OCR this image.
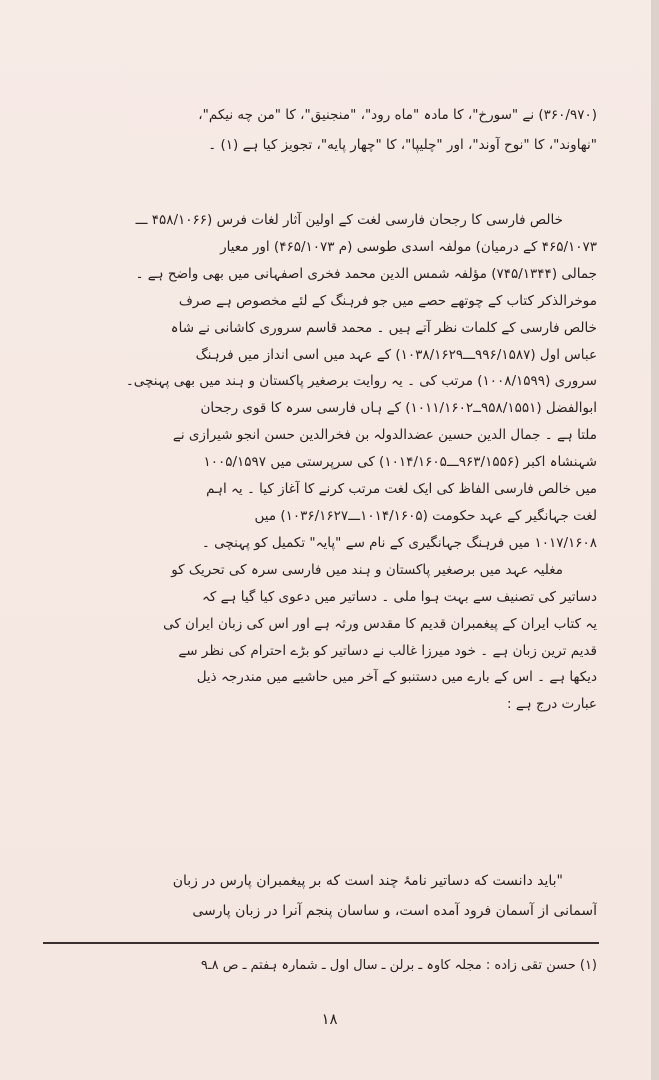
(۳۶۰/۹۷۰) نے "سورخ"، کا مادہ "ماه رود"، "منجنیق"، کا "من چه نیکم"،
"نهاوند"، کا "نوح آوند"، اور "چلیپا"، کا "چهار پایه"، تجویز کیا ہے (۱) ۔
خالص فارسی کا رجحان فارسی لغت کے اولین آثار لغات فرس (۴۵۸/۱۰۶۶ ـــ
۴۶۵/۱۰۷۳ کے درمیان) مولفہ اسدی طوسی (م ۴۶۵/۱۰۷۳) اور معیار
جمالی (۷۴۵/۱۳۴۴) مؤلفہ شمس الدین محمد فخری اصفہانی میں بھی واضح ہے ۔
موخرالذکر کتاب کے چوتھے حصے میں جو فرہنگ کے لئے مخصوص ہے صرف
خالص فارسی کے کلمات نظر آتے ہیں ۔ محمد قاسم سروری کاشانی نے شاہ
عباس اول (۹۹۶/۱۵۸۷ـــ۱۰۳۸/۱۶۲۹) کے عہد میں اسی انداز میں فرہنگ
سروری (۱۰۰۸/۱۵۹۹) مرتب کی ۔ یہ روایت برصغیر پاکستان و ہند میں بھی پہنچی۔
ابوالفضل (۹۵۸/۱۵۵۱ــ۱۰۱۱/۱۶۰۲) کے ہاں فارسی سرہ کا قوی رجحان
ملتا ہے ۔ جمال الدین حسین عضدالدولہ بن فخرالدین حسن انجو شیرازی نے
شہنشاہ اکبر (۹۶۳/۱۵۵۶ـــ۱۰۱۴/۱۶۰۵) کی سرپرستی میں ۱۰۰۵/۱۵۹۷
میں خالص فارسی الفاظ کی ایک لغت مرتب کرنے کا آغاز کیا ۔ یہ اہم
لغت جہانگیر کے عہد حکومت (۱۰۱۴/۱۶۰۵ـــ۱۰۳۶/۱۶۲۷) میں
۱۰۱۷/۱۶۰۸ میں فرہنگ جہانگیری کے نام سے "پایہ" تکمیل کو پہنچی ۔
مغلیہ عہد میں برصغیر پاکستان و ہند میں فارسی سرہ کی تحریک کو
دساتیر کی تصنیف سے بہت ہوا ملی ۔ دساتیر میں دعوی کیا گیا ہے کہ
یہ کتاب ایران کے پیغمبران قدیم کا مقدس ورثہ ہے اور اس کی زبان ایران کی
قدیم ترین زبان ہے ۔ خود میرزا غالب نے دساتیر کو بڑے احترام کی نظر سے
دیکھا ہے ۔ اس کے بارے میں دستنبو کے آخر میں حاشیے میں مندرجہ ذیل
عبارت درج ہے :
"باید دانست که دساتیر نامۂ چند است که بر پیغمبران پارس در زبان
آسمانی از آسمان فرود آمده است، و ساسان پنجم آنرا در زبان پارسی
(۱) حسن تقی زاده : مجلہ کاوہ ـ برلن ـ سال اول ـ شمارہ ہفتم ـ ص ۸ـ۹
۱۸
